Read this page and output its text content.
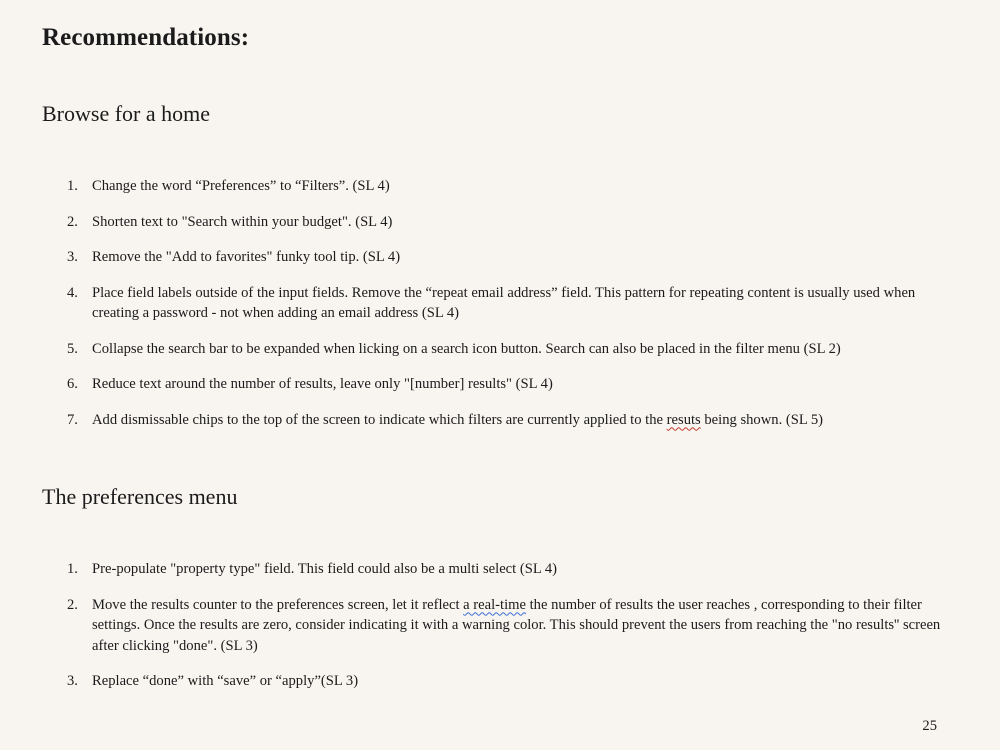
Recommendations:
Browse for a home
1. Change the word “Preferences” to “Filters”. (SL 4)
2. Shorten text to "Search within your budget". (SL 4)
3. Remove the "Add to favorites" funky tool tip. (SL 4)
4. Place field labels outside of the input fields. Remove the “repeat email address” field. This pattern for repeating content is usually used when creating a password - not when adding an email address (SL 4)
5. Collapse the search bar to be expanded when licking on a search icon button. Search can also be placed in the filter menu (SL 2)
6. Reduce text around the number of results, leave only "[number] results" (SL 4)
7. Add dismissable chips to the top of the screen to indicate which filters are currently applied to the resuts being shown. (SL 5)
The preferences menu
1. Pre-populate "property type" field. This field could also be a multi select (SL 4)
2. Move the results counter to the preferences screen, let it reflect a real-time the number of results the user reaches , corresponding to their filter settings. Once the results are zero, consider indicating it with a warning color. This should prevent the users from reaching the "no results'' screen after clicking "done". (SL 3)
3. Replace “done” with “save” or “apply”(SL 3)
25
